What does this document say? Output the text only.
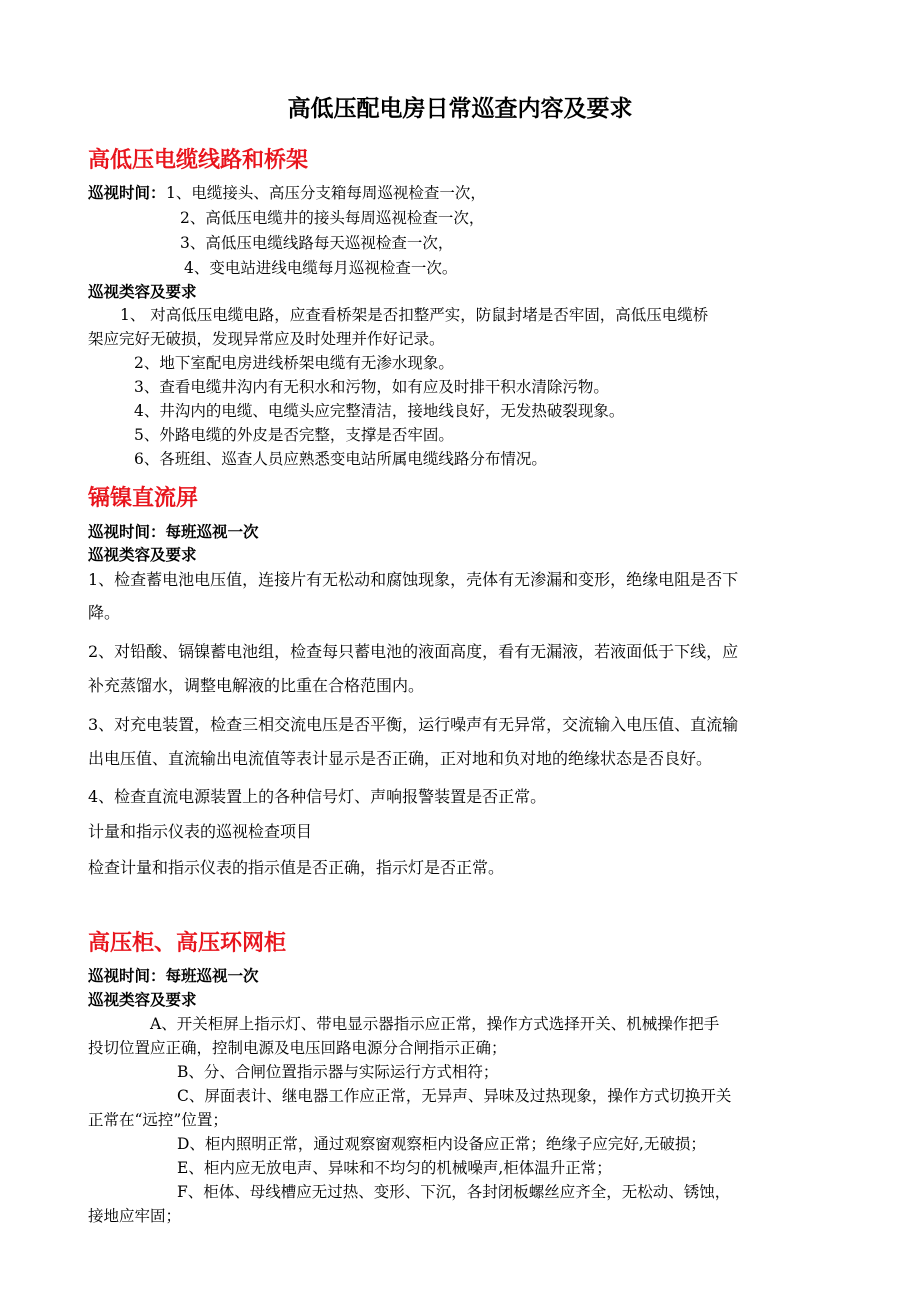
高低压配电房日常巡查内容及要求
高低压电缆线路和桥架
巡视时间： 1、电缆接头、高压分支箱每周巡视检查一次，
2、高低压电缆井的接头每周巡视检查一次，
3、高低压电缆线路每天巡视检查一次，
4、变电站进线电缆每月巡视检查一次。
巡视类容及要求
1、 对高低压电缆电路，应查看桥架是否扣整严实，防鼠封堵是否牢固，高低压电缆桥
架应完好无破损，发现异常应及时处理并作好记录。
2、地下室配电房进线桥架电缆有无渗水现象。
3、查看电缆井沟内有无积水和污物，如有应及时排干积水清除污物。
4、井沟内的电缆、电缆头应完整清洁，接地线良好，无发热破裂现象。
5、外路电缆的外皮是否完整，支撑是否牢固。
6、各班组、巡查人员应熟悉变电站所属电缆线路分布情况。
镉镍直流屏
巡视时间：每班巡视一次
巡视类容及要求
1、检查蓄电池电压值，连接片有无松动和腐蚀现象，壳体有无渗漏和变形，绝缘电阻是否下
降。
2、对铅酸、镉镍蓄电池组，检查每只蓄电池的液面高度，看有无漏液，若液面低于下线，应
补充蒸馏水，调整电解液的比重在合格范围内。
3、对充电装置，检查三相交流电压是否平衡，运行噪声有无异常，交流输入电压值、直流输
出电压值、直流输出电流值等表计显示是否正确，正对地和负对地的绝缘状态是否良好。
4、检查直流电源装置上的各种信号灯、声响报警装置是否正常。
计量和指示仪表的巡视检查项目
检查计量和指示仪表的指示值是否正确，指示灯是否正常。
高压柜、高压环网柜
巡视时间：每班巡视一次
巡视类容及要求
A、开关柜屏上指示灯、带电显示器指示应正常，操作方式选择开关、机械操作把手
投切位置应正确，控制电源及电压回路电源分合闸指示正确；
B、分、合闸位置指示器与实际运行方式相符；
C、屏面表计、继电器工作应正常，无异声、异味及过热现象，操作方式切换开关
正常在“远控”位置；
D、柜内照明正常，通过观察窗观察柜内设备应正常；绝缘子应完好,无破损；
E、柜内应无放电声、异味和不均匀的机械噪声,柜体温升正常；
F、柜体、母线槽应无过热、变形、下沉，各封闭板螺丝应齐全，无松动、锈蚀，
接地应牢固；
